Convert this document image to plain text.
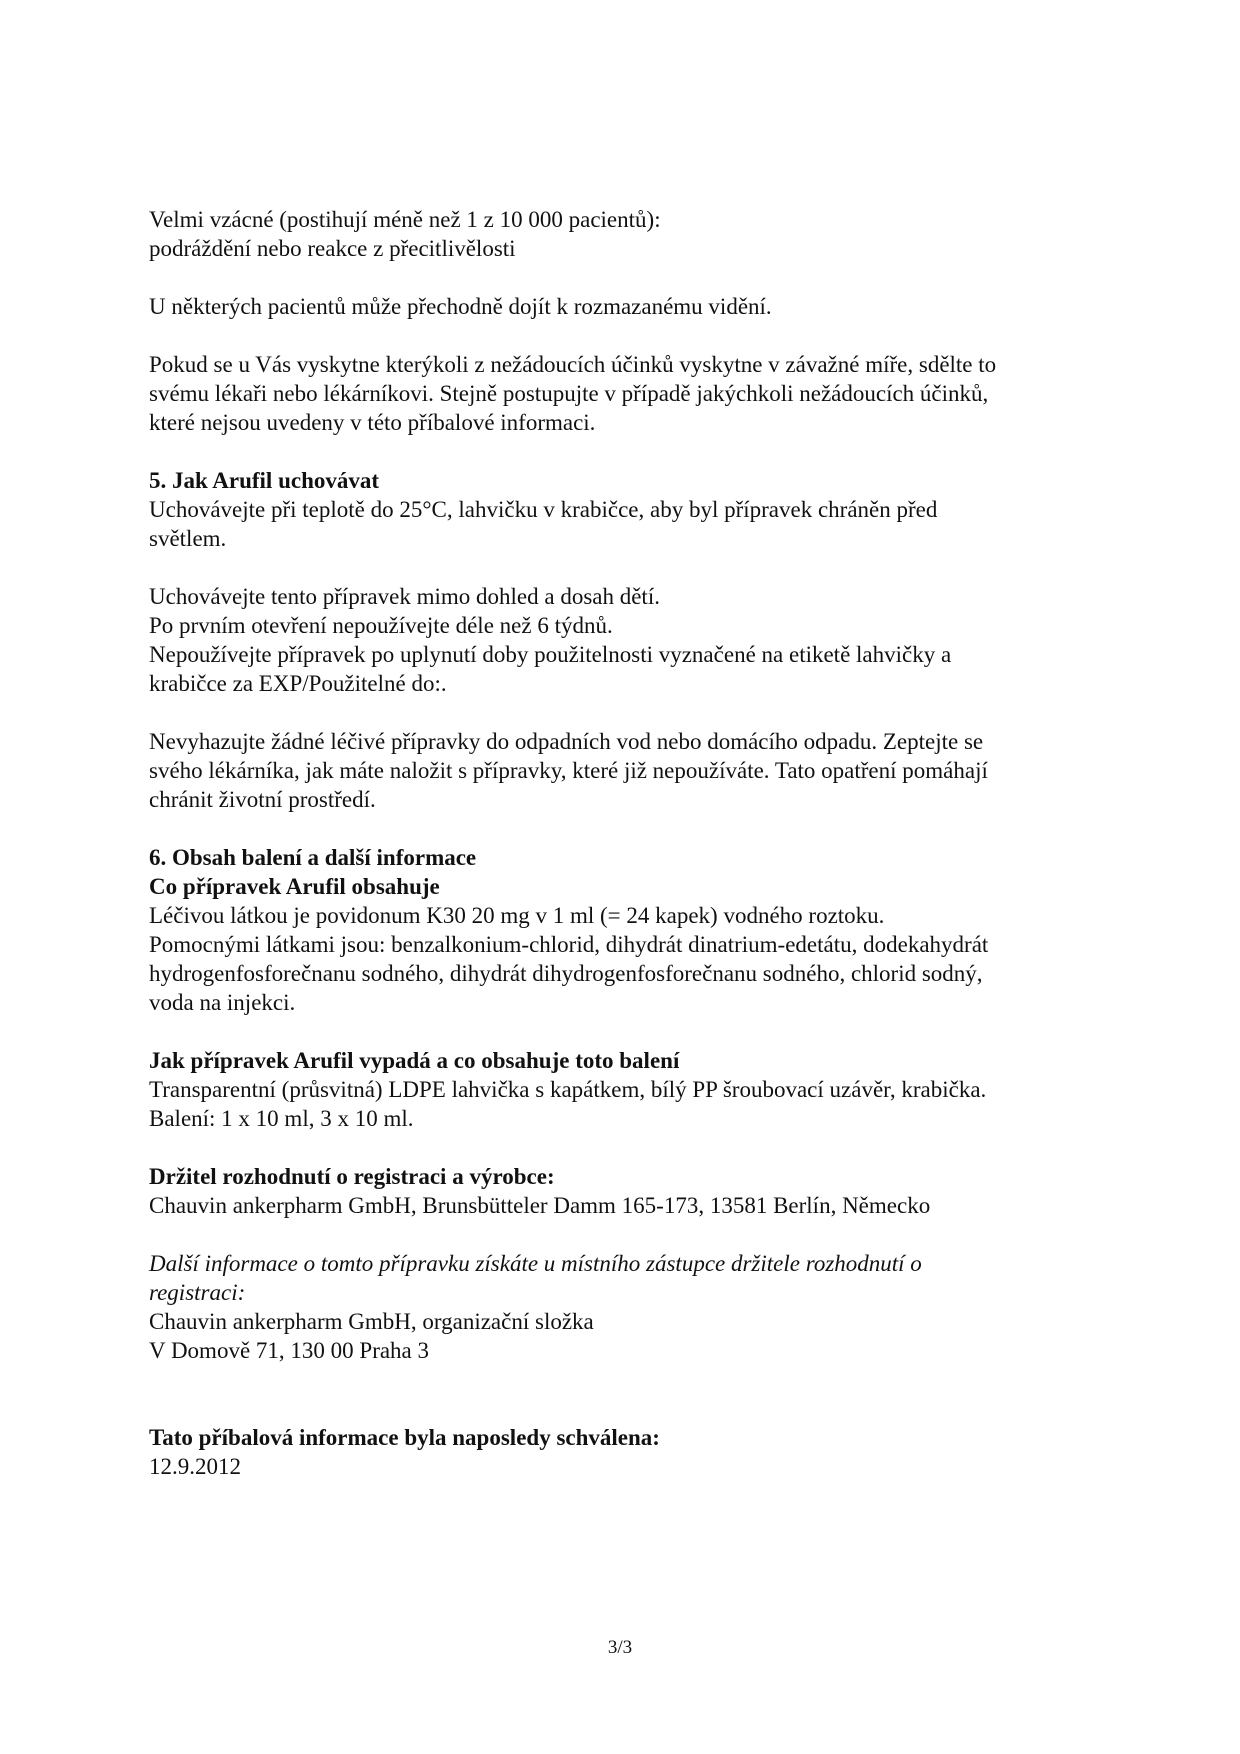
Velmi vzácné (postihují méně než 1 z 10 000 pacientů):

podráždění nebo reakce z přecitlivělosti

U některých pacientů může přechodně dojít k rozmazanému vidění.

Pokud se u Vás vyskytne kterýkoli z nežádoucích účinků vyskytne v závažné míře, sdělte to
svému lékaři nebo lékárníkovi. Stejně postupujte v případě jakýchkoli nežádoucích účinků,
které nejsou uvedeny v této příbalové informaci.

5. Jak Arufil uchovávat

Uchovávejte při teplotě do 25°C, lahvičku v krabičce, aby byl přípravek chráněn před
světlem.

Uchovávejte tento přípravek mimo dohled a dosah dětí.

Po prvním otevření nepoužívejte déle než 6 týdnů.

Nepoužívejte přípravek po uplynutí doby použitelnosti vyznačené na etiketě lahvičky a
krabičce za EXP/Použitelné do:.

Nevyhazujte žádné léčivé přípravky do odpadních vod nebo domácího odpadu. Zeptejte se
svého lékárníka, jak máte naložit s přípravky, které již nepoužíváte. Tato opatření pomáhají
chránit životní prostředí.

6. Obsah balení a další informace

Co přípravek Arufil obsahuje

Léčivou látkou je povidonum K30 20 mg v 1 ml (= 24 kapek) vodného roztoku.

Pomocnými látkami jsou: benzalkonium-chlorid, dihydrát dinatrium-edetátu, dodekahydrát
hydrogenfosforečnanu sodného, dihydrát dihydrogenfosforečnanu sodného, chlorid sodný,
voda na injekci.

Jak přípravek Arufil vypadá a co obsahuje toto balení

Transparentní (průsvitná) LDPE lahvička s kapátkem, bílý PP šroubovací uzávěr, krabička.

Balení: 1 x 10 ml, 3 x 10 ml.

Držitel rozhodnutí o registraci a výrobce:

Chauvin ankerpharm GmbH, Brunsbütteler Damm 165-173, 13581 Berlín, Německo

Další informace o tomto přípravku získáte u místního zástupce držitele rozhodnutí o
registraci:

Chauvin ankerpharm GmbH, organizační složka

V Domově 71, 130 00 Praha 3

Tato příbalová informace byla naposledy schválena:

12.9.2012

3/3
